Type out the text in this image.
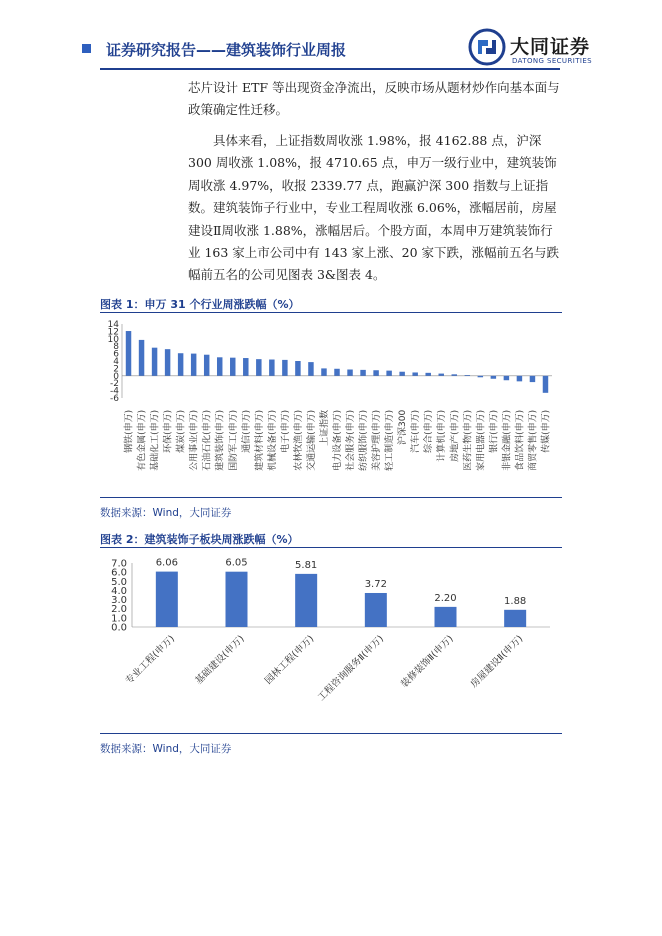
证券研究报告——建筑装饰行业周报	大同证券
DATONG SECURITIES
芯片设计 ETF 等出现资金净流出，反映市场从题材炒作向基本面与政策确定性迁移。
具体来看，上证指数周收涨 1.98%，报 4162.88 点，沪深 300 周收涨 1.08%，报 4710.65 点，申万一级行业中，建筑装饰周收涨 4.97%，收报 2339.77 点，跑赢沪深 300 指数与上证指数。建筑装饰子行业中，专业工程周收涨 6.06%，涨幅居前，房屋建设Ⅱ周收涨 1.88%，涨幅居后。个股方面，本周申万建筑装饰行业 163 家上市公司中有 143 家上涨、20 家下跌，涨幅前五名与跌幅前五名的公司见图表 3&图表 4。
图表 1：申万 31 个行业周涨跌幅（%）
14
12
10
8
6
4
2
0
-2
-4
-6
钢铁(申万) 有色金属(申万) 基础化工(申万) 环保(申万) 煤炭(申万) 公用事业(申万) 石油石化(申万) 建筑装饰(申万) 国防军工(申万) 通信(申万) 建筑材料(申万) 机械设备(申万) 电子(申万) 农林牧渔(申万) 交通运输(申万) 上证指数 电力设备(申万) 社会服务(申万) 纺织服饰(申万) 美容护理(申万) 轻工制造(申万) 沪深300 汽车(申万) 综合(申万) 计算机(申万) 房地产(申万) 医药生物(申万) 家用电器(申万) 银行(申万) 非银金融(申万) 食品饮料(申万) 商贸零售(申万) 传媒(申万)
数据来源：Wind，大同证券
图表 2：建筑装饰子板块周涨跌幅（%）
7.0
6.0
5.0
4.0
3.0
2.0
1.0
0.0
6.06
专业工程(申万)
6.05
基础建设(申万)
5.81
园林工程(申万)
3.72
工程咨询服务Ⅱ(申万)
2.20
装修装饰Ⅱ(申万)
1.88
房屋建设Ⅱ(申万)
数据来源：Wind，大同证券
